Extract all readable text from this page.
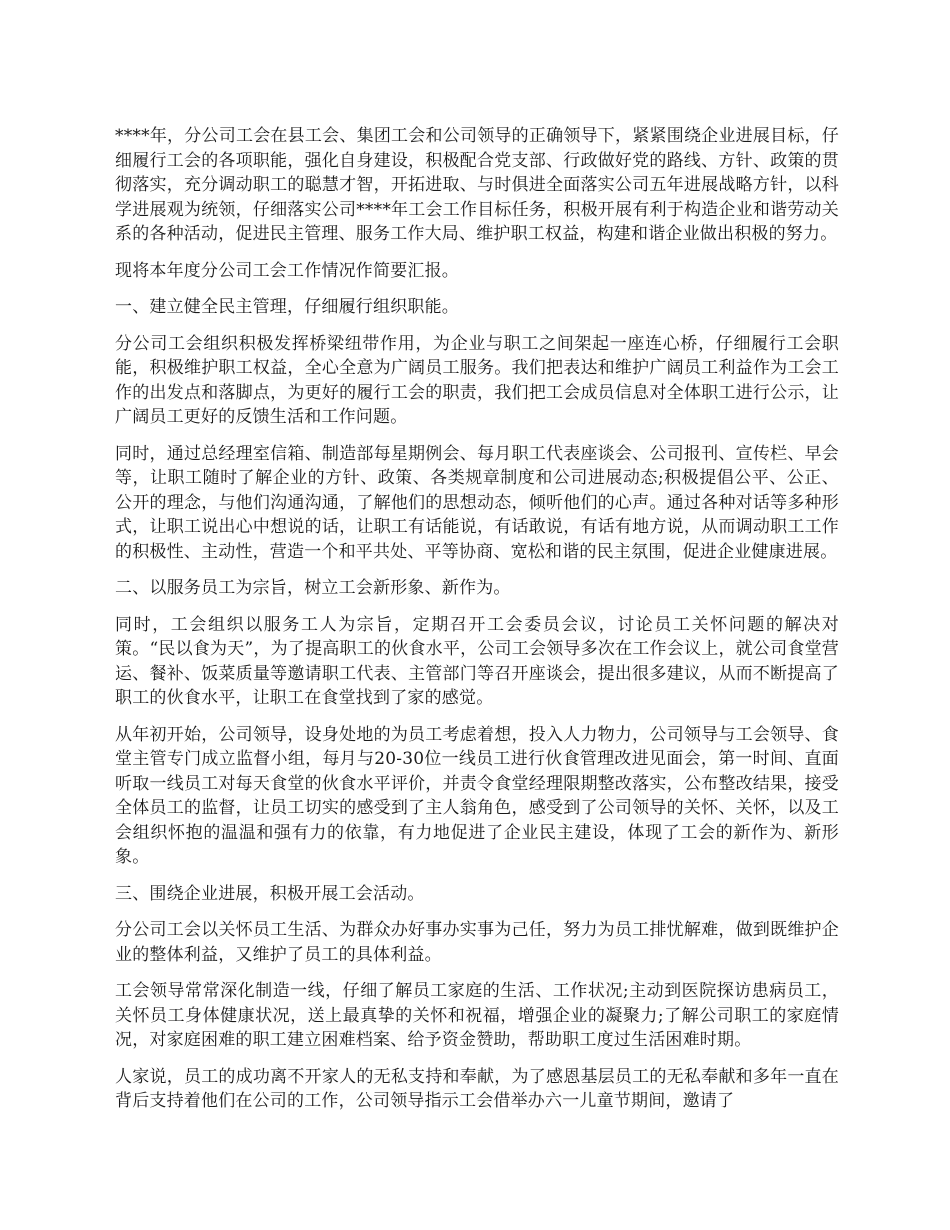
****年，分公司工会在县工会、集团工会和公司领导的正确领导下，紧紧围绕企业进展目标，仔细履行工会的各项职能，强化自身建设，积极配合党支部、行政做好党的路线、方针、政策的贯彻落实，充分调动职工的聪慧才智，开拓进取、与时俱进全面落实公司五年进展战略方针，以科学进展观为统领，仔细落实公司****年工会工作目标任务，积极开展有利于构造企业和谐劳动关系的各种活动，促进民主管理、服务工作大局、维护职工权益，构建和谐企业做出积极的努力。

现将本年度分公司工会工作情况作简要汇报。

一、建立健全民主管理，仔细履行组织职能。

分公司工会组织积极发挥桥梁纽带作用，为企业与职工之间架起一座连心桥，仔细履行工会职能，积极维护职工权益，全心全意为广阔员工服务。我们把表达和维护广阔员工利益作为工会工作的出发点和落脚点，为更好的履行工会的职责，我们把工会成员信息对全体职工进行公示，让广阔员工更好的反馈生活和工作问题。

同时，通过总经理室信箱、制造部每星期例会、每月职工代表座谈会、公司报刊、宣传栏、早会等，让职工随时了解企业的方针、政策、各类规章制度和公司进展动态;积极提倡公平、公正、公开的理念，与他们沟通沟通，了解他们的思想动态，倾听他们的心声。通过各种对话等多种形式，让职工说出心中想说的话，让职工有话能说，有话敢说，有话有地方说，从而调动职工工作的积极性、主动性，营造一个和平共处、平等协商、宽松和谐的民主氛围，促进企业健康进展。

二、以服务员工为宗旨，树立工会新形象、新作为。

同时，工会组织以服务工人为宗旨，定期召开工会委员会议，讨论员工关怀问题的解决对策。“民以食为天”，为了提高职工的伙食水平，公司工会领导多次在工作会议上，就公司食堂营运、餐补、饭菜质量等邀请职工代表、主管部门等召开座谈会，提出很多建议，从而不断提高了职工的伙食水平，让职工在食堂找到了家的感觉。

从年初开始，公司领导，设身处地的为员工考虑着想，投入人力物力，公司领导与工会领导、食堂主管专门成立监督小组，每月与20-30位一线员工进行伙食管理改进见面会，第一时间、直面听取一线员工对每天食堂的伙食水平评价，并责令食堂经理限期整改落实，公布整改结果，接受全体员工的监督，让员工切实的感受到了主人翁角色，感受到了公司领导的关怀、关怀，以及工会组织怀抱的温温和强有力的依靠，有力地促进了企业民主建设，体现了工会的新作为、新形象。

三、围绕企业进展，积极开展工会活动。

分公司工会以关怀员工生活、为群众办好事办实事为己任，努力为员工排忧解难，做到既维护企业的整体利益，又维护了员工的具体利益。

工会领导常常深化制造一线，仔细了解员工家庭的生活、工作状况;主动到医院探访患病员工，关怀员工身体健康状况，送上最真挚的关怀和祝福，增强企业的凝聚力;了解公司职工的家庭情况，对家庭困难的职工建立困难档案、给予资金赞助，帮助职工度过生活困难时期。

人家说，员工的成功离不开家人的无私支持和奉献，为了感恩基层员工的无私奉献和多年一直在背后支持着他们在公司的工作，公司领导指示工会借举办六一儿童节期间，邀请了
